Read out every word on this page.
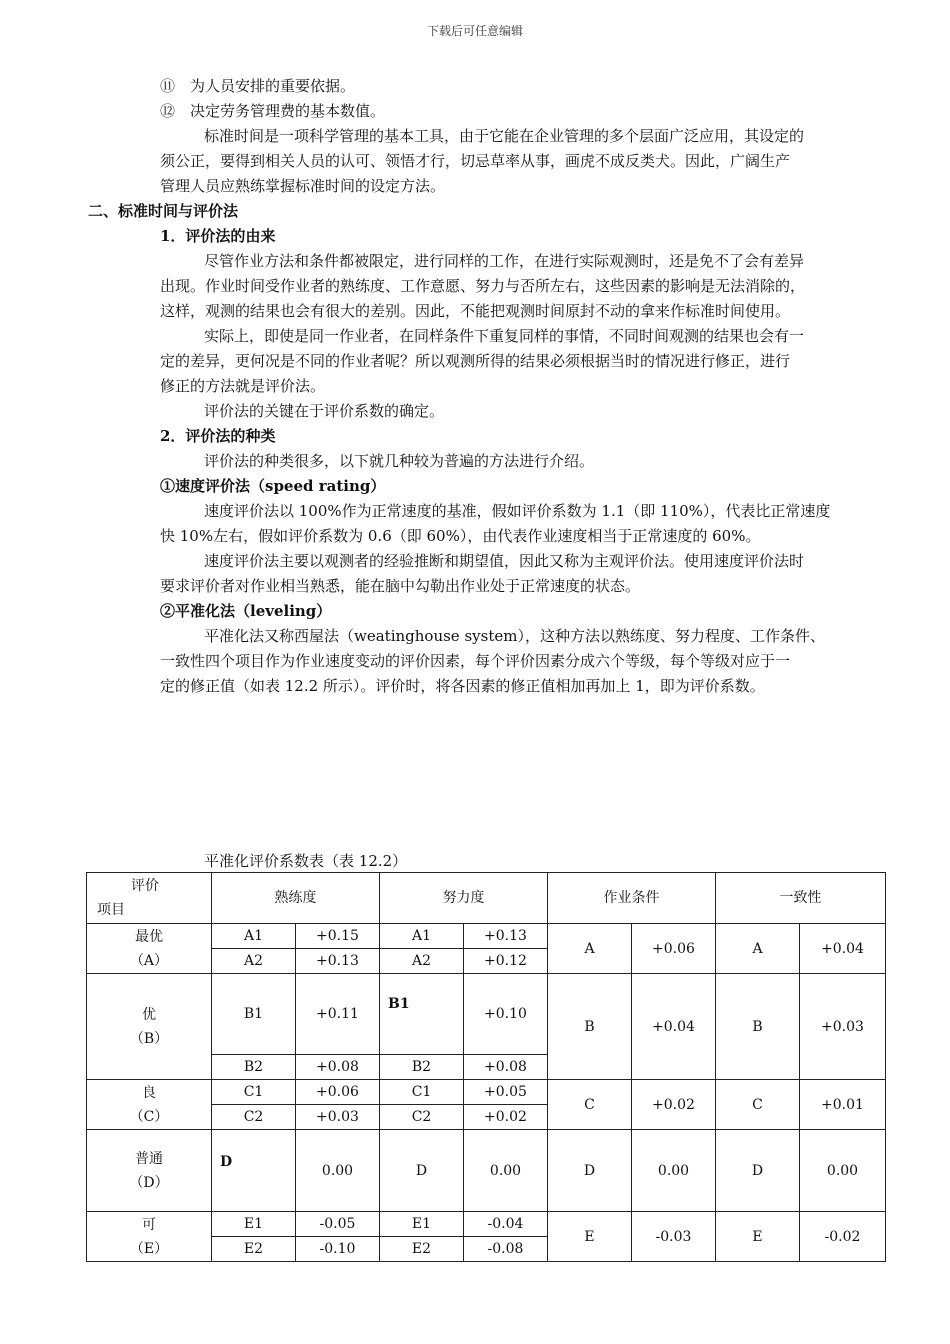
下载后可任意编辑
⑪　为人员安排的重要依据。
⑫　决定劳务管理费的基本数值。
标准时间是一项科学管理的基本工具，由于它能在企业管理的多个层面广泛应用，其设定的
须公正，要得到相关人员的认可、领悟才行，切忌草率从事，画虎不成反类犬。因此，广阔生产
管理人员应熟练掌握标准时间的设定方法。
二、标准时间与评价法
1．评价法的由来
尽管作业方法和条件都被限定，进行同样的工作，在进行实际观测时，还是免不了会有差异
出现。作业时间受作业者的熟练度、工作意愿、努力与否所左右，这些因素的影响是无法消除的，
这样，观测的结果也会有很大的差别。因此，不能把观测时间原封不动的拿来作标准时间使用。
实际上，即使是同一作业者，在同样条件下重复同样的事情，不同时间观测的结果也会有一
定的差异，更何况是不同的作业者呢？所以观测所得的结果必须根据当时的情况进行修正，进行
修正的方法就是评价法。
评价法的关键在于评价系数的确定。
2．评价法的种类
评价法的种类很多，以下就几种较为普遍的方法进行介绍。
①速度评价法（speed rating）
速度评价法以 100%作为正常速度的基准，假如评价系数为 1.1（即 110%），代表比正常速度
快 10%左右，假如评价系数为 0.6（即 60%），由代表作业速度相当于正常速度的 60%。
速度评价法主要以观测者的经验推断和期望值，因此又称为主观评价法。使用速度评价法时
要求评价者对作业相当熟悉，能在脑中勾勒出作业处于正常速度的状态。
②平准化法（leveling）
平准化法又称西屋法（weatinghouse system），这种方法以熟练度、努力程度、工作条件、
一致性四个项目作为作业速度变动的评价因素，每个评价因素分成六个等级，每个等级对应于一
定的修正值（如表 12.2 所示）。评价时，将各因素的修正值相加再加上 1，即为评价系数。
平准化评价系数表（表 12.2）
评价
项目	熟练度		努力度		作业条件		一致性	

最优
（A）	A1	+0.15	A1	+0.13	A	+0.06	A	+0.04
	A2	+0.13	A2	+0.12				

优
（B）	B1	+0.11	B1	+0.10	B	+0.04	B	+0.03
	B2	+0.08	B2	+0.08				

良
（C）	C1	+0.06	C1	+0.05	C	+0.02	C	+0.01
	C2	+0.03	C2	+0.02				

普通
（D）	D	0.00	D	0.00	D	0.00	D	0.00

可
（E）	E1	-0.05	E1	-0.04	E	-0.03	E	-0.02
	E2	-0.10	E2	-0.08				
